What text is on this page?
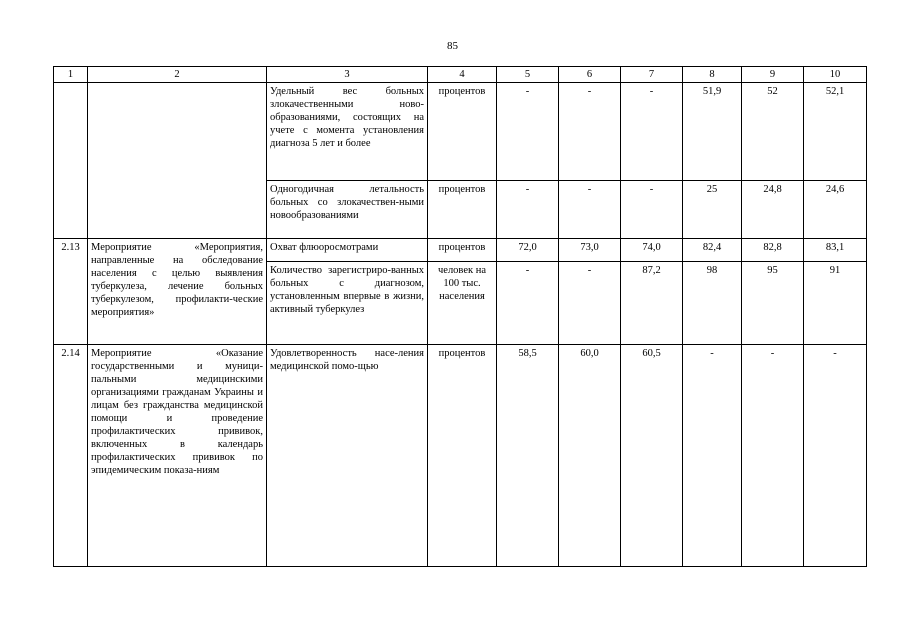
85
1	2	3	4	5	6	7	8	9	10
		Удельный вес больных злокачественными ново-образованиями, состоящих на учете с момента установления диагноза 5 лет и более	процентов	-	-	-	51,9	52	52,1
		Одногодичная летальность больных со злокачествен-ными новообразованиями	процентов	-	-	-	25	24,8	24,6
2.13	Мероприятие «Мероприятия, направленные на обследование населения с целью выявления туберкулеза, лечение больных туберкулезом, профилакти-ческие мероприятия»	Охват флюоросмотрами	процентов	72,0	73,0	74,0	82,4	82,8	83,1
		Количество зарегистриро-ванных больных с диагнозом, установленным впервые в жизни, активный туберкулез	человек на 100 тыс. населения	-	-	87,2	98	95	91
2.14	Мероприятие «Оказание государственными и муници-пальными медицинскими организациями гражданам Украины и лицам без гражданства медицинской помощи и проведение профилактических прививок, включенных в календарь профилактических прививок по эпидемическим показа-ниям	Удовлетворенность насе-ления медицинской помо-щью	процентов	58,5	60,0	60,5	-	-	-
